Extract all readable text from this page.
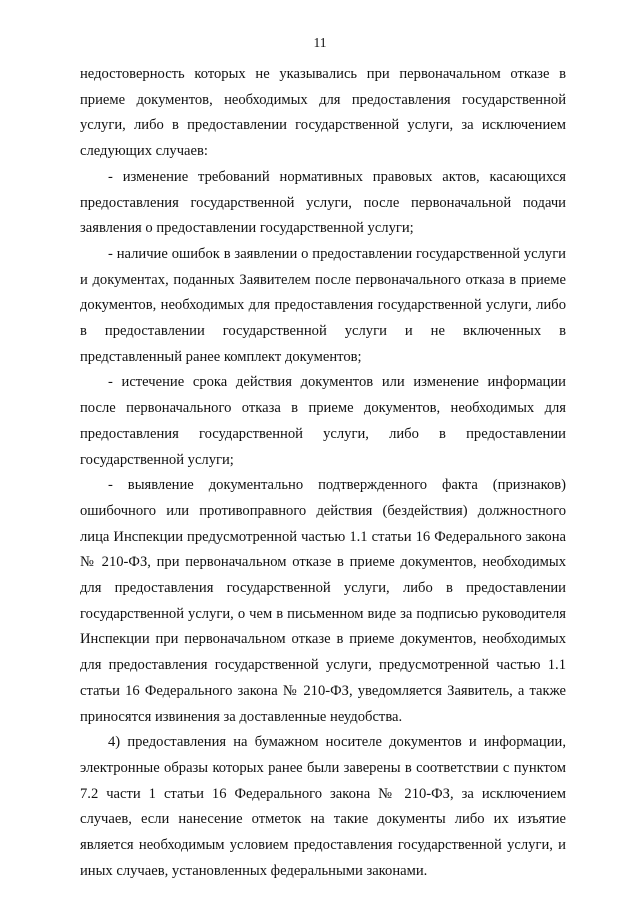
11

недостоверность которых не указывались при первоначальном отказе в приеме документов, необходимых для предоставления государственной услуги, либо в предоставлении государственной услуги, за исключением следующих случаев:

- изменение требований нормативных правовых актов, касающихся предоставления государственной услуги, после первоначальной подачи заявления о предоставлении государственной услуги;

- наличие ошибок в заявлении о предоставлении государственной услуги и документах, поданных Заявителем после первоначального отказа в приеме документов, необходимых для предоставления государственной услуги, либо в предоставлении государственной услуги и не включенных в представленный ранее комплект документов;

- истечение срока действия документов или изменение информации после первоначального отказа в приеме документов, необходимых для предоставления государственной услуги, либо в предоставлении государственной услуги;

- выявление документально подтвержденного факта (признаков) ошибочного или противоправного действия (бездействия) должностного лица Инспекции предусмотренной частью 1.1 статьи 16 Федерального закона № 210-ФЗ, при первоначальном отказе в приеме документов, необходимых для предоставления государственной услуги, либо в предоставлении государственной услуги, о чем в письменном виде за подписью руководителя Инспекции при первоначальном отказе в приеме документов, необходимых для предоставления государственной услуги, предусмотренной частью 1.1 статьи 16 Федерального закона № 210-ФЗ, уведомляется Заявитель, а также приносятся извинения за доставленные неудобства.

4) предоставления на бумажном носителе документов и информации, электронные образы которых ранее были заверены в соответствии с пунктом 7.2 части 1 статьи 16 Федерального закона № 210-ФЗ, за исключением случаев, если нанесение отметок на такие документы либо их изъятие является необходимым условием предоставления государственной услуги, и иных случаев, установленных федеральными законами.
